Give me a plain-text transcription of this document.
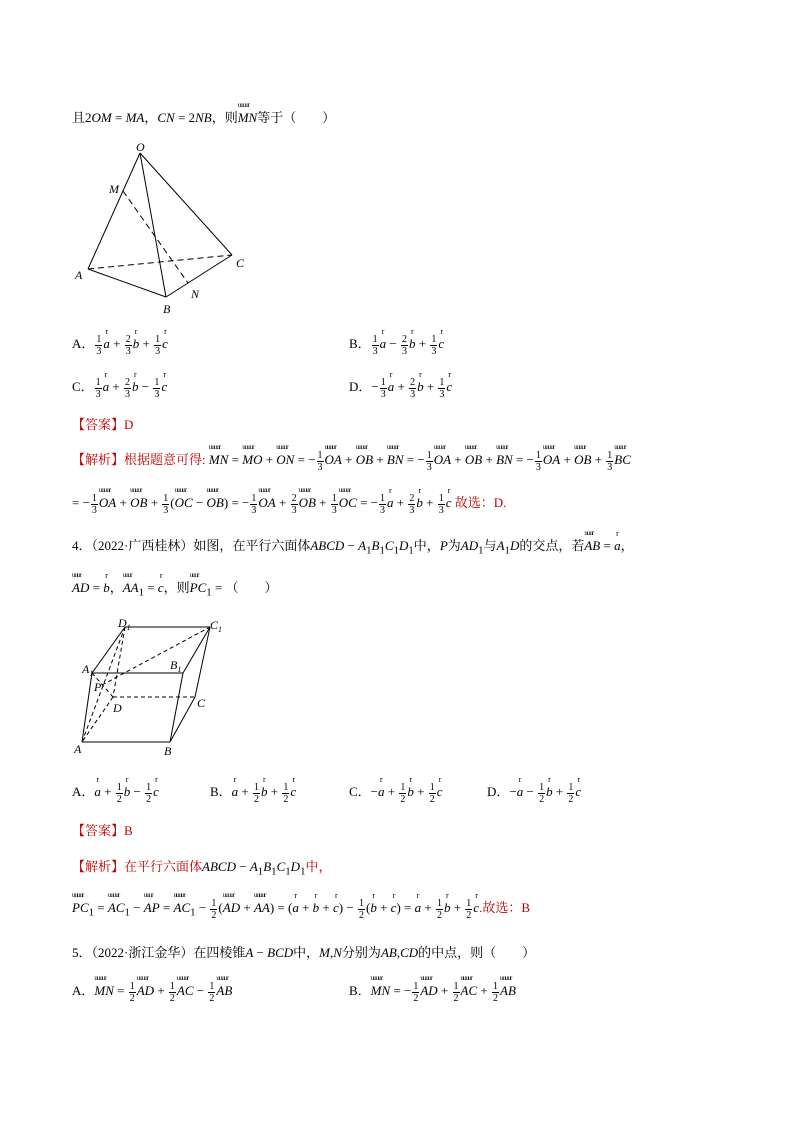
且2OM = MA，CN = 2NB，则uuuur MN等于（　　）
O
M
A
C
N
B
A． $\frac{1}{3}$ r $a + \frac{2}{3}$ r $b + \frac{1}{3}$ r c	B． $\frac{1}{3}$ r $a - \frac{2}{3}$ r $b + \frac{1}{3}$ r c
C． $\frac{1}{3}$ r $a + \frac{2}{3}$ r $b - \frac{1}{3}$ r c	D．− $\frac{1}{3}$ r $a + \frac{2}{3}$ r $b + \frac{1}{3}$ r c
【答案】D
【解析】根据题意可得: uuuur MN = uuuur MO + uuuur ON = − $\frac{1}{3}$ uuuur OA + uuuur OB + uuuur BN = − $\frac{1}{3}$ uuuur OA + uuuur OB + uuuur BN = − $\frac{1}{3}$ uuuur OA + uuuur OB + $\frac{1}{3}$ uuuur BC
= − $\frac{1}{3}$ uuuur OA + uuuur OB + $\frac{1}{3}$ (uuuur OC − uuuur OB) = − $\frac{1}{3}$ uuuur OA + $\frac{2}{3}$ uuuur OB + $\frac{1}{3}$ uuuur OC = − $\frac{1}{3}$ r $a + \frac{2}{3}$ r $b + \frac{1}{3}$ r c 故选：D.
4．（2022·广西桂林）如图，在平行六面体ABCD − $A_1B_1C_1D_1$中，P为$AD_1$与$A_1D$的交点，若uuur AB = r a，
uuur AD = r b，uuur $AA_1 = r$ c，则uuur $PC_1$ = （　　）
$D_1$	$C_1$
$A_1$
$B_1$
P
D	C
A	B
A．r $a + \frac{1}{2}$ r $b - \frac{1}{2}$ r c	B．r $a + \frac{1}{2}$ r $b + \frac{1}{2}$ r c	C．−r $a + \frac{1}{2}$ r $b + \frac{1}{2}$ r c	D．−r $a - \frac{1}{2}$ r $b + \frac{1}{2}$ r c
【答案】B
【解析】在平行六面体ABCD − $A_1B_1C_1D_1$中，
uuuur $PC_1$ = uuuur $AC_1$ − uuur AP = uuuur $AC_1 - \frac{1}{2}$ (uuuur AD + uuuur AA) = (r a + r b + r $c) - \frac{1}{2} (r$ b + r c) = r $a + \frac{1}{2}$ r $b + \frac{1}{2}$ r c.故选：B
5．（2022·浙江金华）在四棱锥A − BCD中，M,N分别为AB,CD的中点，则（　　）
A．uuuur MN = $\frac{1}{2}$ uuuur AD + $\frac{1}{2}$ uuuur AC − $\frac{1}{2}$ uuuur AB	B．uuuur MN = − $\frac{1}{2}$ uuuur AD + $\frac{1}{2}$ uuuur AC + $\frac{1}{2}$ uuuur AB
